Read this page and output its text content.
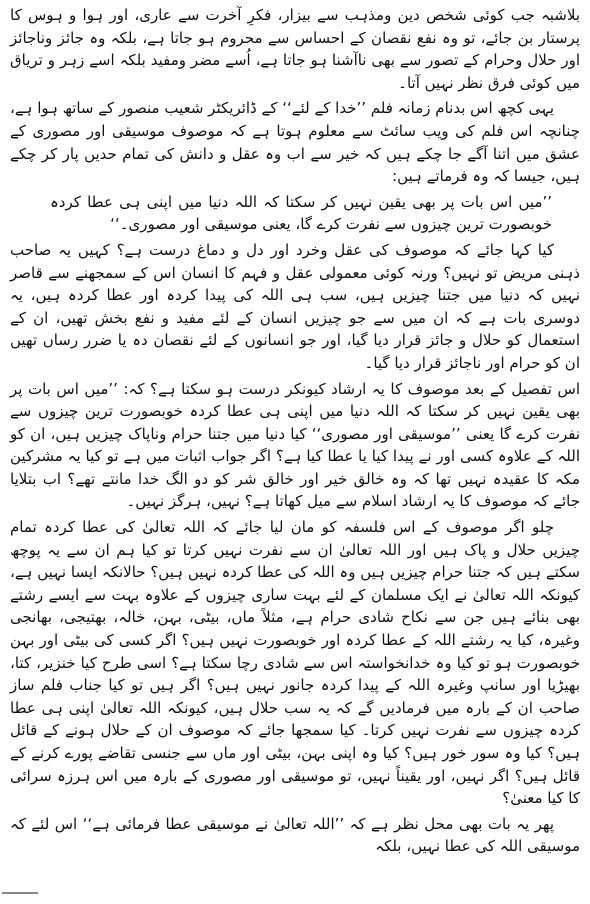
بلاشبہ جب کوئی شخص دین ومذہب سے بیزار، فکرِ آخرت سے عاری، اور ہوا و ہوس کا پرستار بن جائے، تو وہ نفع نقصان کے احساس سے محروم ہو جاتا ہے، بلکہ وہ جائز وناجائز اور حلال وحرام کے تصور سے بھی ناآشنا ہو جاتا ہے، اُسے مضر ومفید بلکہ اسے زہر و تریاق میں کوئی فرق نظر نہیں آتا۔

یہی کچھ اس بدنام زمانہ فلم ’’خدا کے لئے‘‘ کے ڈائریکٹر شعیب منصور کے ساتھ ہوا ہے، چنانچہ اس فلم کی ویب سائٹ سے معلوم ہوتا ہے کہ موصوف موسیقی اور مصوری کے عشق میں اتنا آگے جا چکے ہیں کہ خیر سے اب وہ عقل و دانش کی تمام حدیں پار کر چکے ہیں، جیسا کہ وہ فرماتے ہیں:

’’میں اس بات پر بھی یقین نہیں کر سکتا کہ اللہ دنیا میں اپنی ہی عطا کردہ خوبصورت ترین چیزوں سے نفرت کرے گا، یعنی موسیقی اور مصوری۔‘‘

کیا کہا جائے کہ موصوف کی عقل وخرد اور دل و دماغ درست ہے؟ کہیں یہ صاحب ذہنی مریض تو نہیں؟ ورنہ کوئی معمولی عقل و فہم کا انسان اس کے سمجھنے سے قاصر نہیں کہ دنیا میں جتنا چیزیں ہیں، سب ہی اللہ کی پیدا کردہ اور عطا کردہ ہیں، یہ دوسری بات ہے کہ ان میں سے جو چیزیں انسان کے لئے مفید و نفع بخش تھیں، ان کے استعمال کو حلال و جائز قرار دیا گیا، اور جو انسانوں کے لئے نقصان دہ یا ضرر رساں تھیں ان کو حرام اور ناجائز قرار دیا گیا۔

اس تفصیل کے بعد موصوف کا یہ ارشاد کیونکر درست ہو سکتا ہے؟ کہ: ’’میں اس بات پر بھی یقین نہیں کر سکتا کہ اللہ دنیا میں اپنی ہی عطا کردہ خوبصورت ترین چیزوں سے نفرت کرے گا یعنی ’’موسیقی اور مصوری‘‘ کیا دنیا میں جتنا حرام وناپاک چیزیں ہیں، ان کو اللہ کے علاوہ کسی اور نے پیدا کیا یا عطا کیا ہے؟ اگر جواب اثبات میں ہے تو کیا یہ مشرکین مکہ کا عقیدہ نہیں تھا کہ وہ خالق خیر اور خالق شر کو دو الگ خدا مانتے تھے؟ اب بتلایا جائے کہ موصوف کا یہ ارشاد اسلام سے میل کھاتا ہے؟ نہیں، ہرگز نہیں۔

چلو اگر موصوف کے اس فلسفہ کو مان لیا جائے کہ اللہ تعالیٰ کی عطا کردہ تمام چیزیں حلال و پاک ہیں اور اللہ تعالیٰ ان سے نفرت نہیں کرتا تو کیا ہم ان سے یہ پوچھ سکتے ہیں کہ جتنا حرام چیزیں ہیں وہ اللہ کی عطا کردہ نہیں ہیں؟ حالانکہ ایسا نہیں ہے، کیونکہ اللہ تعالیٰ نے ایک مسلمان کے لئے بہت ساری چیزوں کے علاوہ بہت سے ایسے رشتے بھی بنائے ہیں جن سے نکاح شادی حرام ہے، مثلاً ماں، بیٹی، بہن، خالہ، بھتیجی، بھانجی وغیرہ، کیا یہ رشتے اللہ کے عطا کردہ اور خوبصورت نہیں ہیں؟ اگر کسی کی بیٹی اور بہن خوبصورت ہو تو کیا وہ خدانخواستہ اس سے شادی رچا سکتا ہے؟ اسی طرح کیا خنزیر، کتا، بھیڑیا اور سانپ وغیرہ اللہ کے پیدا کردہ جانور نہیں ہیں؟ اگر ہیں تو کیا جناب فلم ساز صاحب ان کے بارہ میں فرمادیں گے کہ یہ سب حلال ہیں، کیونکہ اللہ تعالیٰ اپنی ہی عطا کردہ چیزوں سے نفرت نہیں کرتا۔ کیا سمجھا جائے کہ موصوف ان کے حلال ہونے کے قائل ہیں؟ کیا وہ سور خور ہیں؟ کیا وہ اپنی بہن، بیٹی اور ماں سے جنسی تقاضے پورے کرنے کے قائل ہیں؟ اگر نہیں، اور یقیناً نہیں، تو موسیقی اور مصوری کے بارہ میں اس ہرزہ سرائی کا کیا معنیٰ؟

پھر یہ بات بھی محل نظر ہے کہ ’’اللہ تعالیٰ نے موسیقی عطا فرمائی ہے‘‘ اس لئے کہ موسیقی اللہ کی عطا نہیں، بلکہ
